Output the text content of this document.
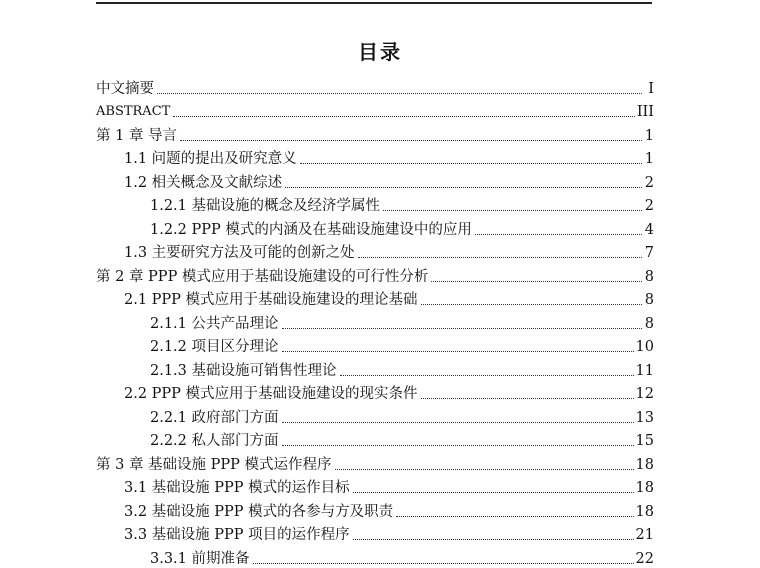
目录
中文摘要	I
ABSTRACT	III
第 1 章 导言	1
1.1 问题的提出及研究意义	1
1.2 相关概念及文献综述	2
1.2.1 基础设施的概念及经济学属性	2
1.2.2 PPP 模式的内涵及在基础设施建设中的应用	4
1.3 主要研究方法及可能的创新之处	7
第 2 章 PPP 模式应用于基础设施建设的可行性分析	8
2.1 PPP 模式应用于基础设施建设的理论基础	8
2.1.1 公共产品理论	8
2.1.2 项目区分理论	10
2.1.3 基础设施可销售性理论	11
2.2 PPP 模式应用于基础设施建设的现实条件	12
2.2.1 政府部门方面	13
2.2.2 私人部门方面	15
第 3 章 基础设施 PPP 模式运作程序	18
3.1 基础设施 PPP 模式的运作目标	18
3.2 基础设施 PPP 模式的各参与方及职责	18
3.3 基础设施 PPP 项目的运作程序	21
3.3.1 前期准备	22
